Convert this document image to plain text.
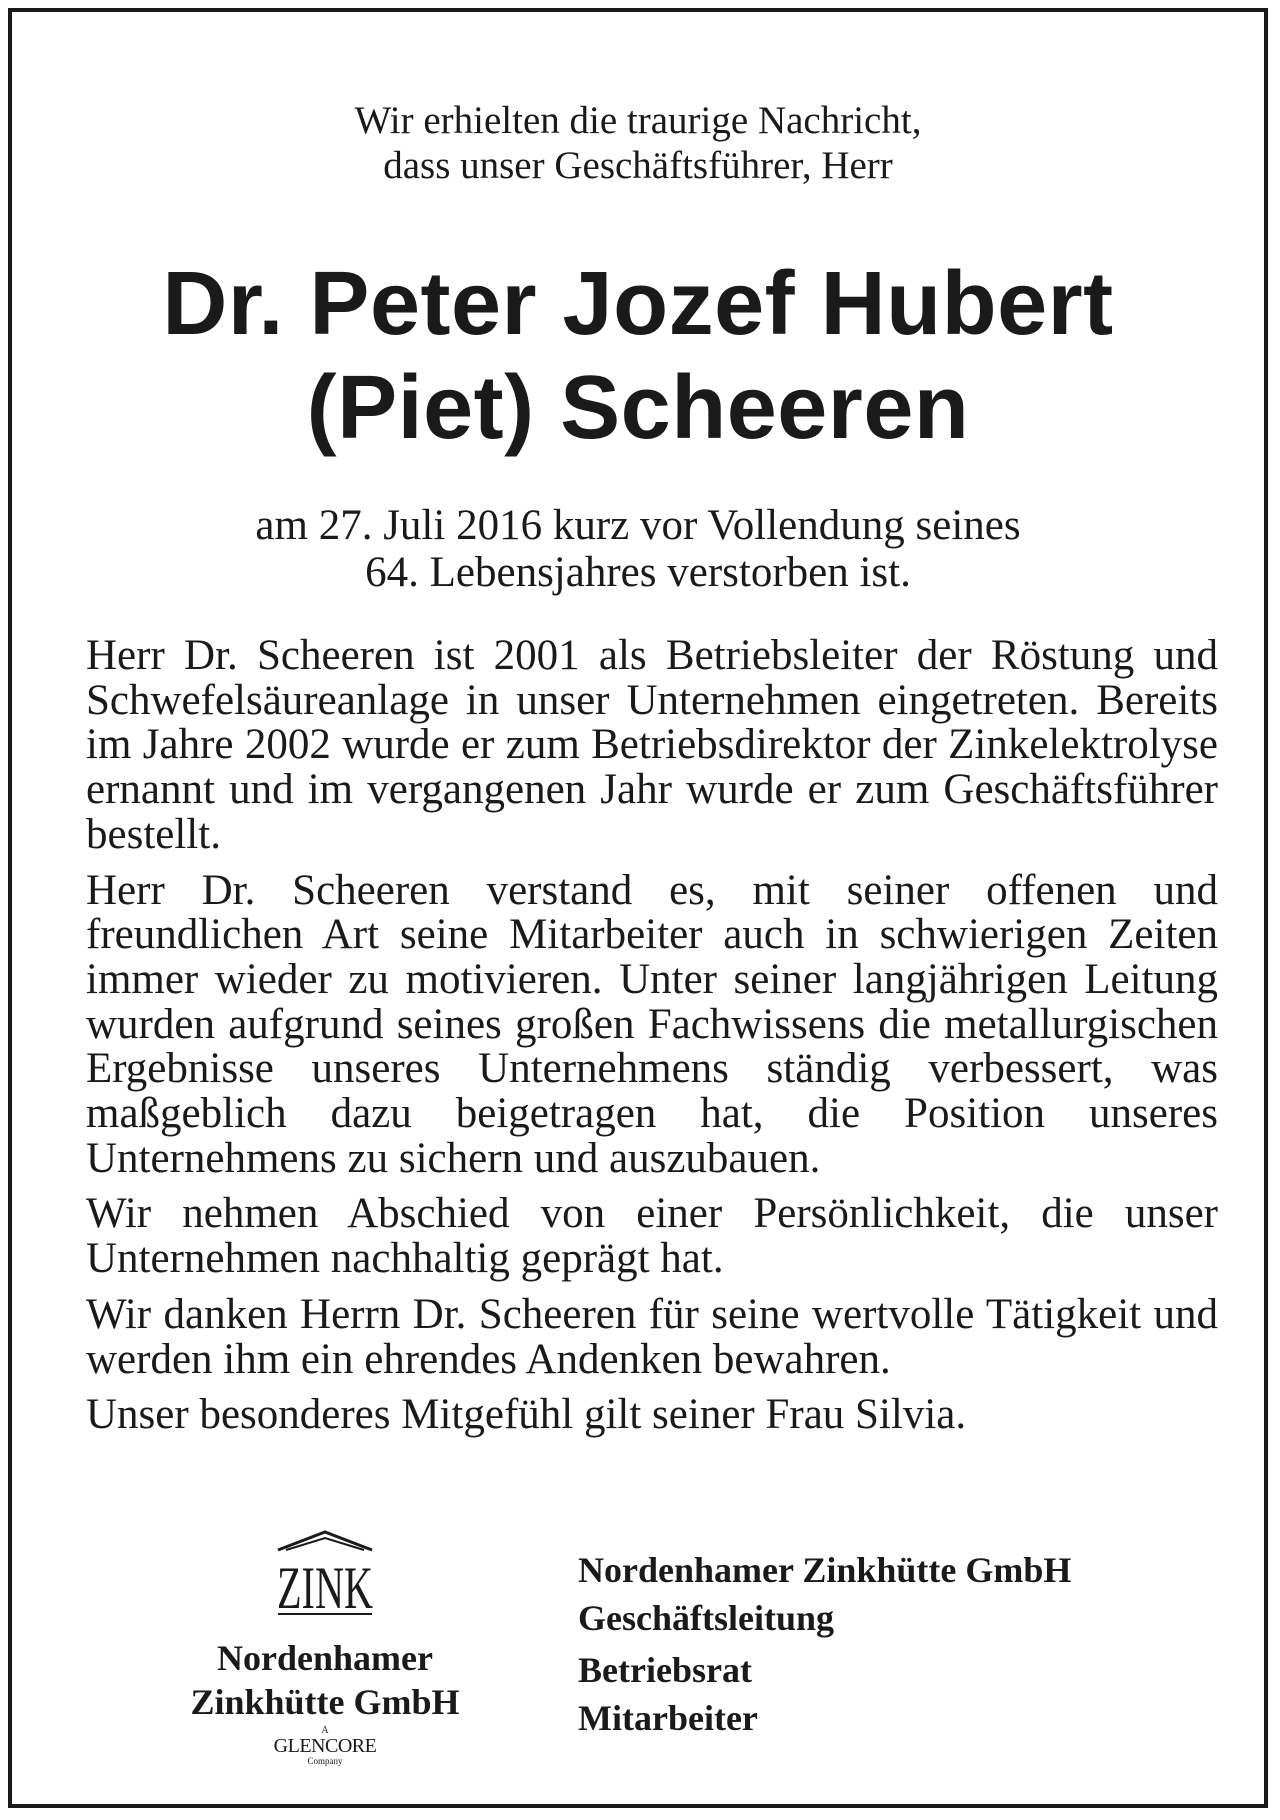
Wir erhielten die traurige Nachricht,
dass unser Geschäftsführer, Herr
Dr. Peter Jozef Hubert
(Piet) Scheeren
am 27. Juli 2016 kurz vor Vollendung seines
64. Lebensjahres verstorben ist.

Herr Dr. Scheeren ist 2001 als Betriebsleiter der Röstung und Schwefelsäureanlage in unser Unternehmen eingetreten. Bereits im Jahre 2002 wurde er zum Betriebsdirektor der Zinkelektrolyse ernannt und im vergangenen Jahr wurde er zum Geschäftsführer bestellt.

Herr Dr. Scheeren verstand es, mit seiner offenen und freundlichen Art seine Mitarbeiter auch in schwierigen Zeiten immer wieder zu motivieren. Unter seiner langjährigen Leitung wurden aufgrund seines großen Fachwissens die metallurgischen Ergebnisse unseres Unternehmens ständig verbessert, was maßgeblich dazu beigetragen hat, die Position unseres Unternehmens zu sichern und auszubauen.

Wir nehmen Abschied von einer Persönlichkeit, die unser Unternehmen nachhaltig geprägt hat.

Wir danken Herrn Dr. Scheeren für seine wertvolle Tätigkeit und werden ihm ein ehrendes Andenken bewahren.

Unser besonderes Mitgefühl gilt seiner Frau Silvia.

ZINK
Nordenhamer
Zinkhütte GmbH
A
GLENCORE
Company
Nordenhamer Zinkhütte GmbH
Geschäftsleitung
Betriebsrat
Mitarbeiter
